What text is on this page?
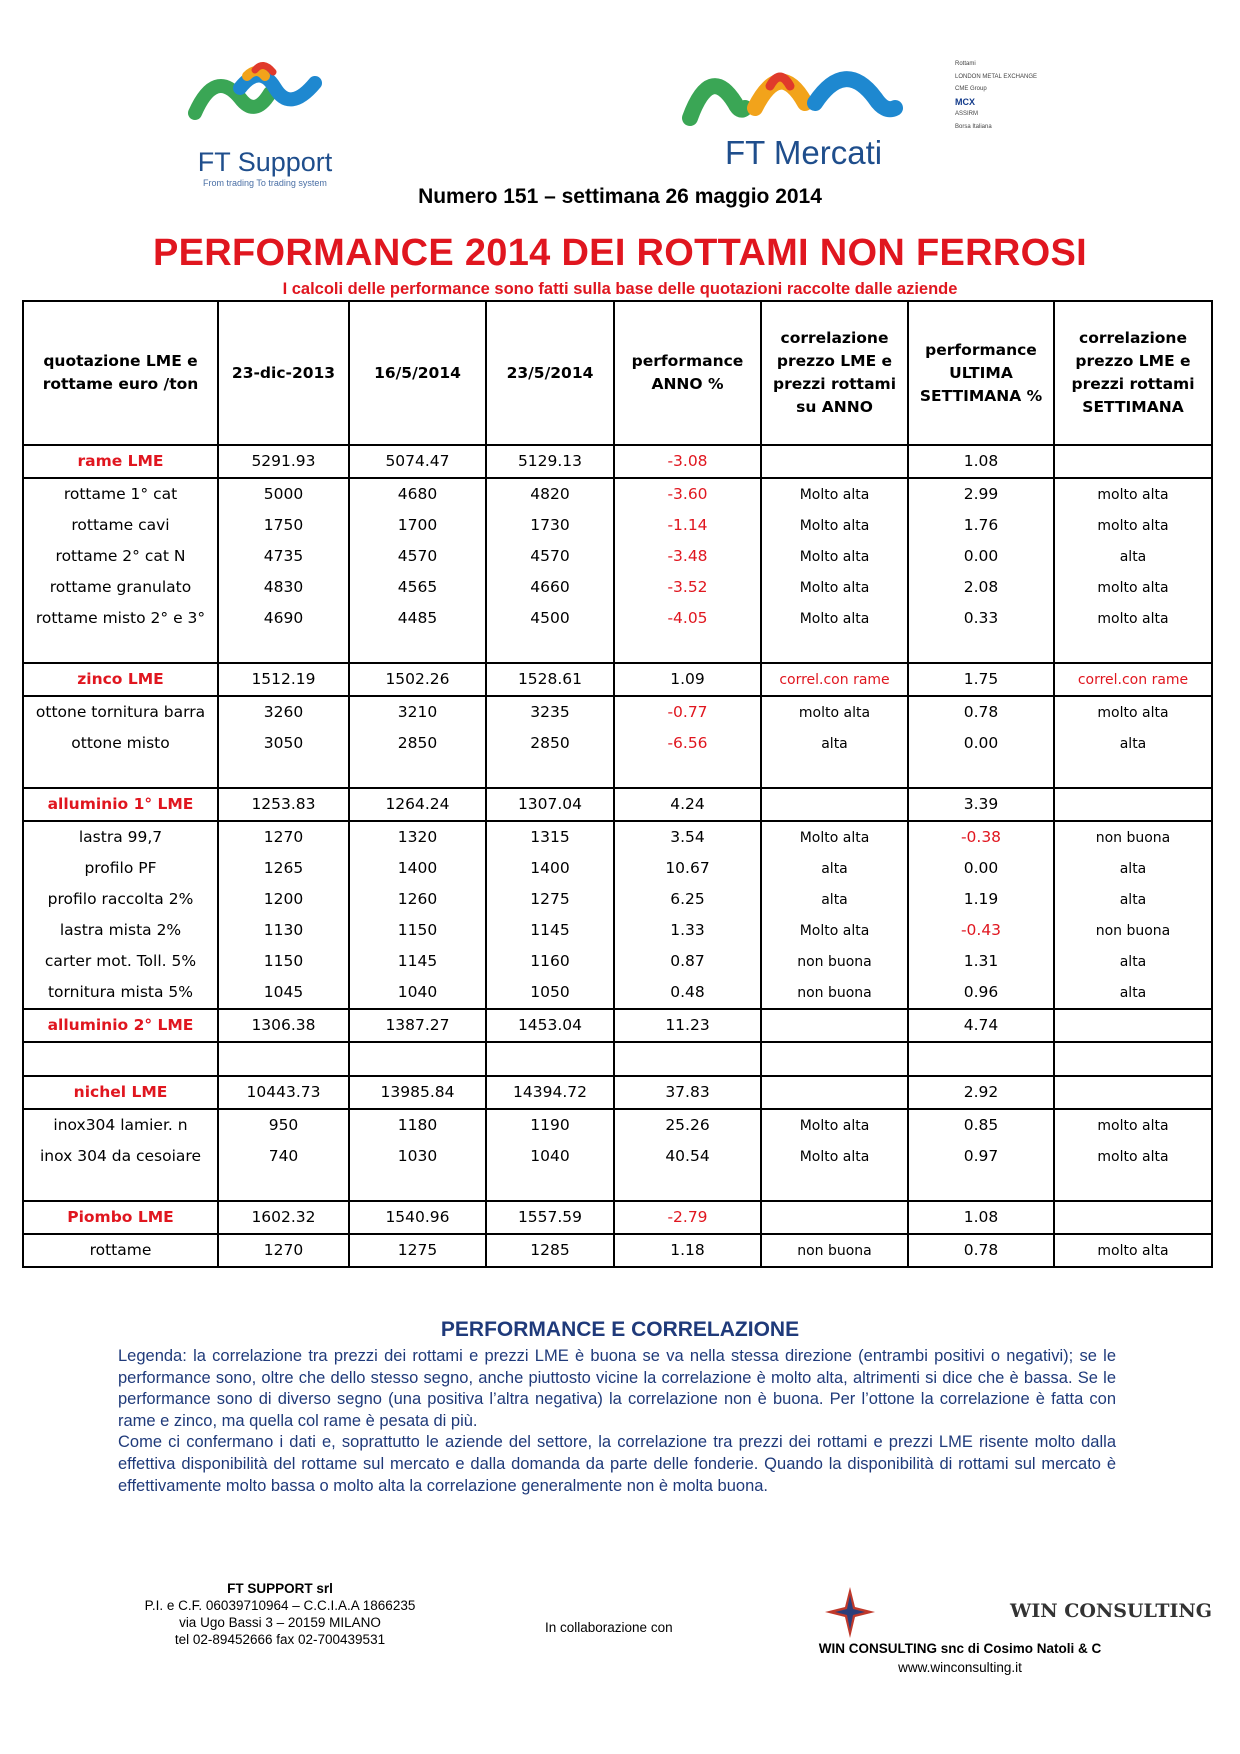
FT Support
From trading To trading system
FT Mercati
Rottami
LONDON METAL EXCHANGE
CME Group
MCX
ASSIRM
Borsa Italiana
Numero 151 – settimana 26 maggio 2014
PERFORMANCE 2014 DEI ROTTAMI NON FERROSI
I calcoli delle performance sono fatti sulla base delle quotazioni raccolte dalle aziende
quotazione LME e rottame euro /ton	23-dic-2013	16/5/2014	23/5/2014	performance ANNO %	correlazione prezzo LME e prezzi rottami su ANNO	performance ULTIMA SETTIMANA %	correlazione prezzo LME e prezzi rottami SETTIMANA
rame LME	5291.93	5074.47	5129.13	-3.08		1.08	
rottame 1° cat	5000	4680	4820	-3.60	Molto alta	2.99	molto alta
rottame cavi	1750	1700	1730	-1.14	Molto alta	1.76	molto alta
rottame 2° cat N	4735	4570	4570	-3.48	Molto alta	0.00	alta
rottame granulato	4830	4565	4660	-3.52	Molto alta	2.08	molto alta
rottame misto 2° e 3°	4690	4485	4500	-4.05	Molto alta	0.33	molto alta

zinco LME	1512.19	1502.26	1528.61	1.09	correl.con rame	1.75	correl.con rame
ottone tornitura barra	3260	3210	3235	-0.77	molto alta	0.78	molto alta
ottone misto	3050	2850	2850	-6.56	alta	0.00	alta

alluminio 1° LME	1253.83	1264.24	1307.04	4.24		3.39	
lastra 99,7	1270	1320	1315	3.54	Molto alta	-0.38	non buona
profilo PF	1265	1400	1400	10.67	alta	0.00	alta
profilo raccolta 2%	1200	1260	1275	6.25	alta	1.19	alta
lastra mista 2%	1130	1150	1145	1.33	Molto alta	-0.43	non buona
carter mot. Toll. 5%	1150	1145	1160	0.87	non buona	1.31	alta
tornitura mista 5%	1045	1040	1050	0.48	non buona	0.96	alta
alluminio 2° LME	1306.38	1387.27	1453.04	11.23		4.74	

nichel LME	10443.73	13985.84	14394.72	37.83		2.92	
inox304 lamier. n	950	1180	1190	25.26	Molto alta	0.85	molto alta
inox 304 da cesoiare	740	1030	1040	40.54	Molto alta	0.97	molto alta

Piombo LME	1602.32	1540.96	1557.59	-2.79		1.08	
rottame	1270	1275	1285	1.18	non buona	0.78	molto alta
PERFORMANCE E CORRELAZIONE

Legenda: la correlazione tra prezzi dei rottami e prezzi LME è buona se va nella stessa direzione (entrambi positivi o negativi); se le performance sono, oltre che dello stesso segno, anche piuttosto vicine la correlazione è molto alta, altrimenti si dice che è bassa. Se le performance sono di diverso segno (una positiva l’altra negativa) la correlazione non è buona. Per l’ottone la correlazione è fatta con rame e zinco, ma quella col rame è pesata di più.

Come ci confermano i dati e, soprattutto le aziende del settore, la correlazione tra prezzi dei rottami e prezzi LME risente molto dalla effettiva disponibilità del rottame sul mercato e dalla domanda da parte delle fonderie. Quando la disponibilità di rottami sul mercato è effettivamente molto bassa o molto alta la correlazione generalmente non è molta buona.

FT SUPPORT srl
P.I. e C.F. 06039710964 – C.C.I.A.A 1866235
via Ugo Bassi 3 – 20159 MILANO
tel 02-89452666 fax 02-700439531
In collaborazione con
WIN CONSULTING
WIN CONSULTING snc di Cosimo Natoli & C
www.winconsulting.it
